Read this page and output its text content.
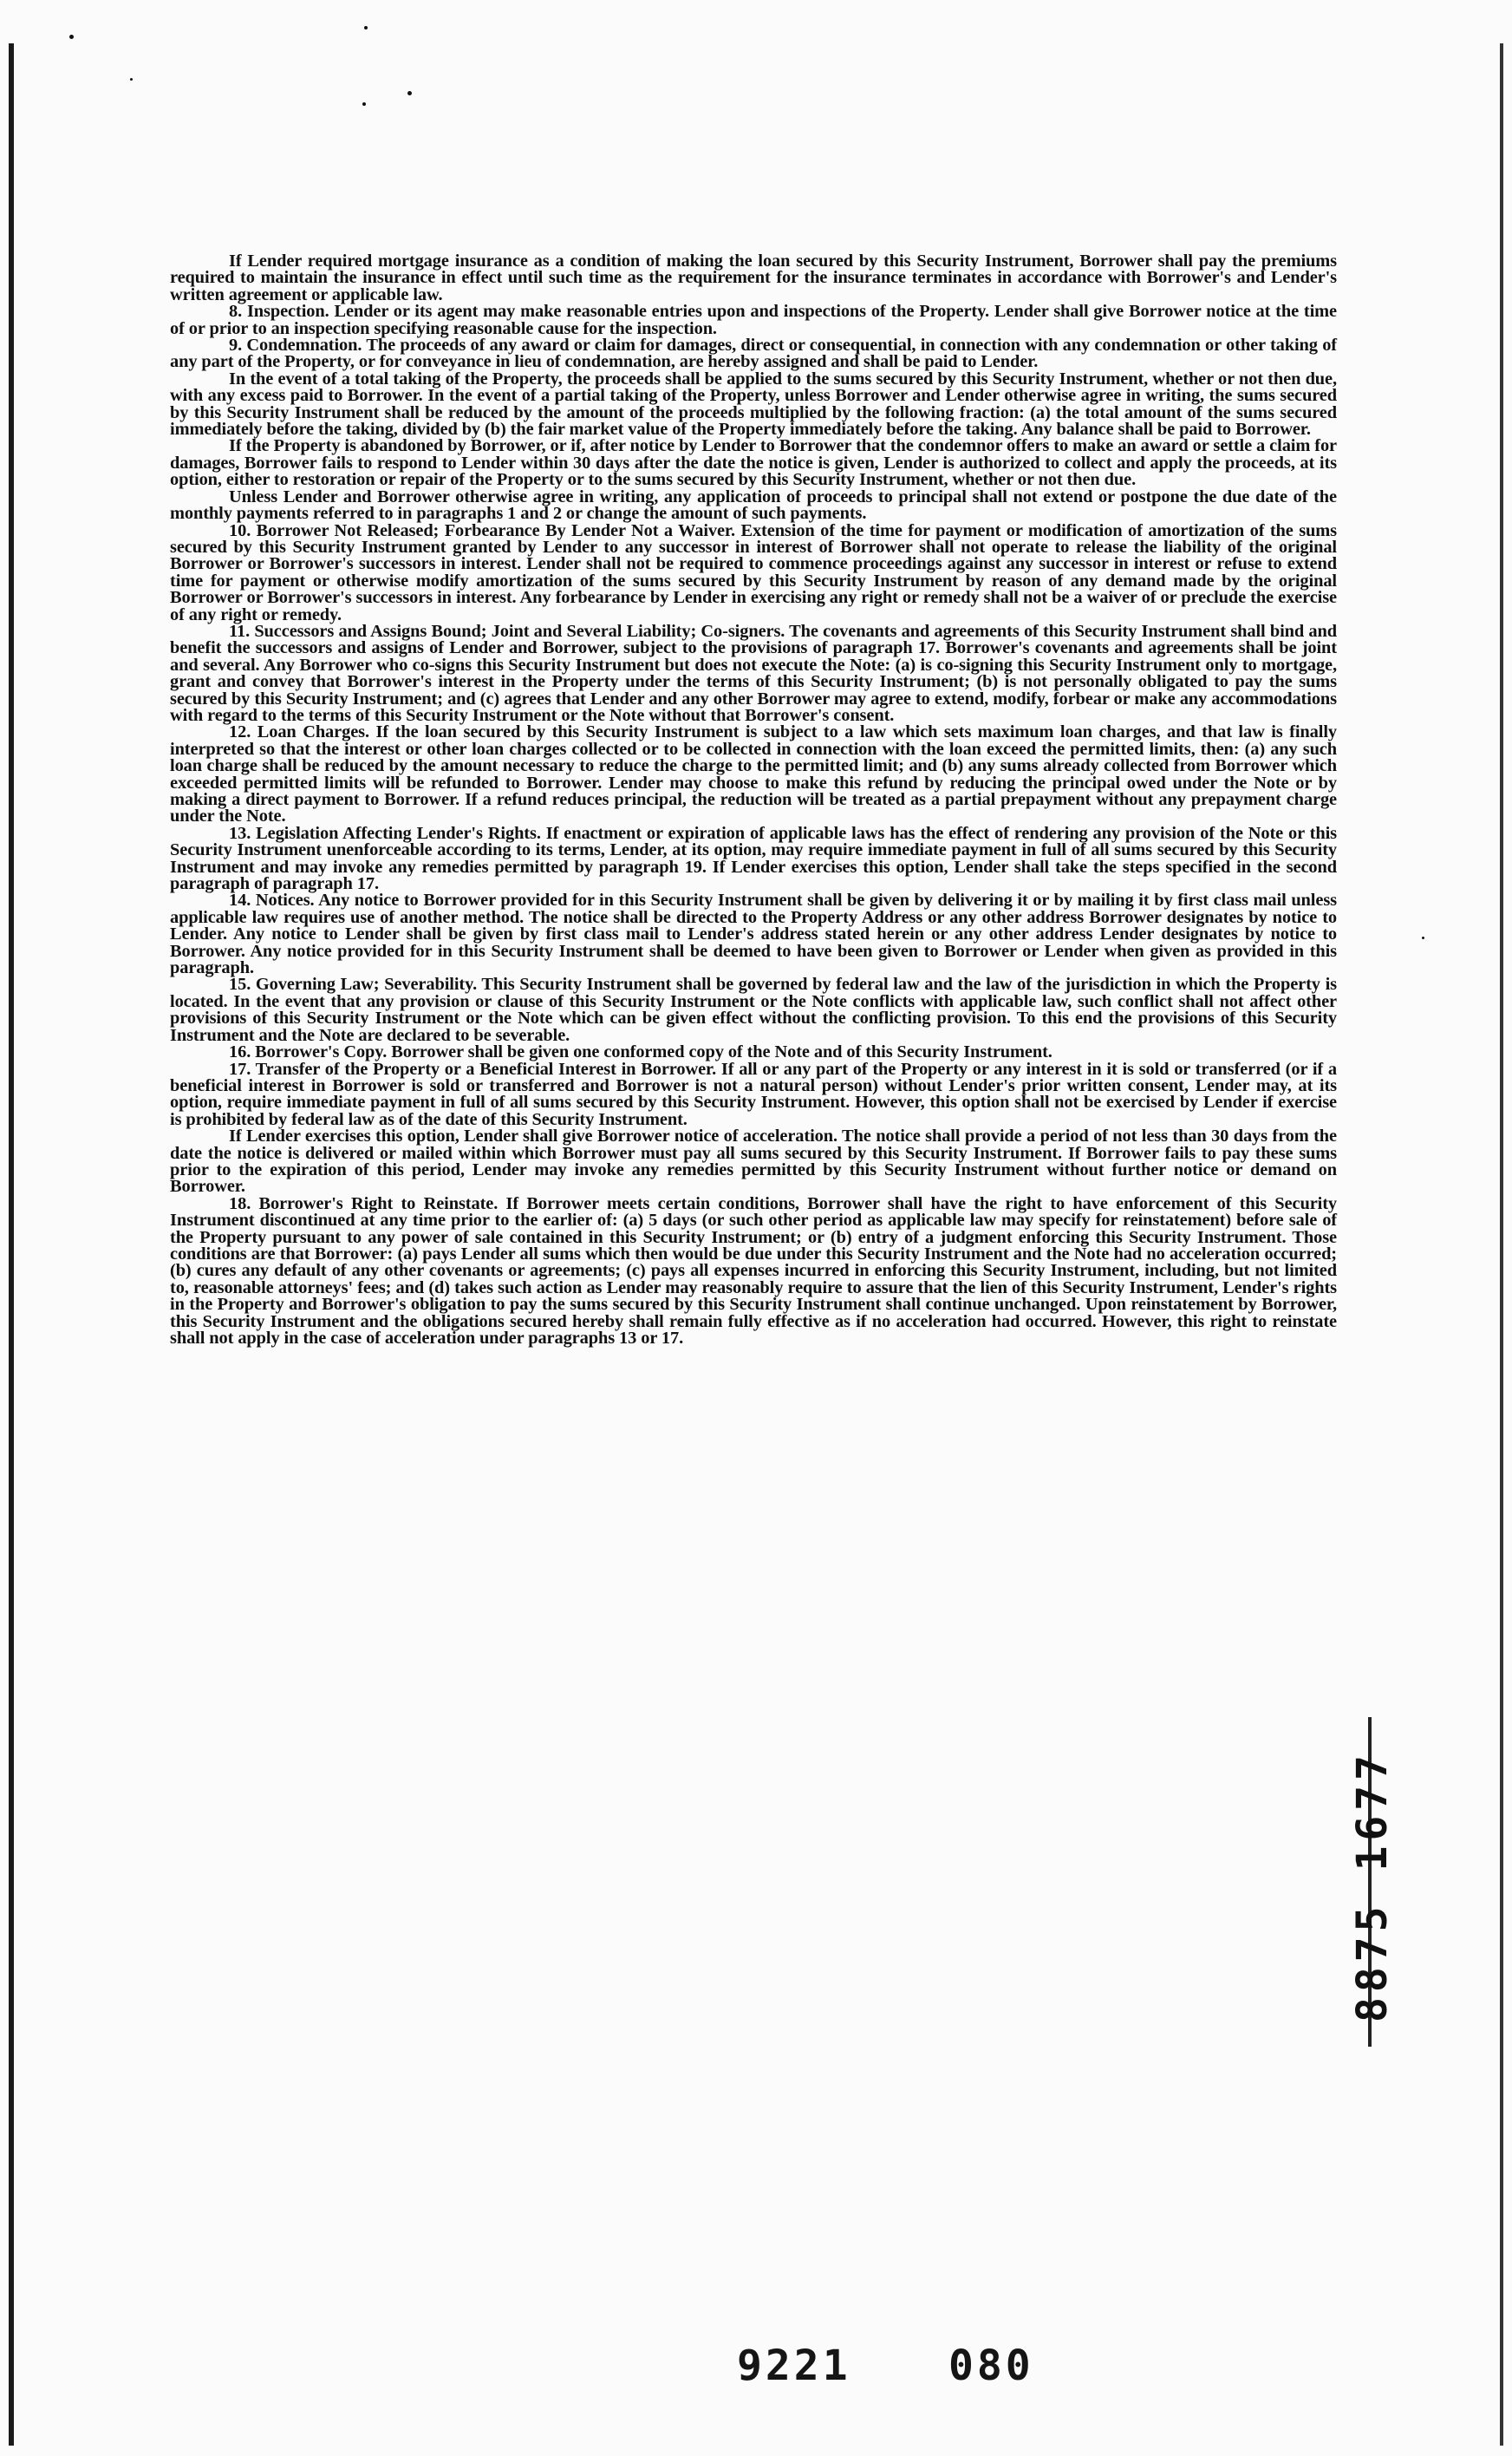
If Lender required mortgage insurance as a condition of making the loan secured by this Security Instrument, Borrower shall pay the premiums required to maintain the insurance in effect until such time as the requirement for the insurance terminates in accordance with Borrower's and Lender's written agreement or applicable law.

8. Inspection. Lender or its agent may make reasonable entries upon and inspections of the Property. Lender shall give Borrower notice at the time of or prior to an inspection specifying reasonable cause for the inspection.

9. Condemnation. The proceeds of any award or claim for damages, direct or consequential, in connection with any condemnation or other taking of any part of the Property, or for conveyance in lieu of condemnation, are hereby assigned and shall be paid to Lender.

In the event of a total taking of the Property, the proceeds shall be applied to the sums secured by this Security Instrument, whether or not then due, with any excess paid to Borrower. In the event of a partial taking of the Property, unless Borrower and Lender otherwise agree in writing, the sums secured by this Security Instrument shall be reduced by the amount of the proceeds multiplied by the following fraction: (a) the total amount of the sums secured immediately before the taking, divided by (b) the fair market value of the Property immediately before the taking. Any balance shall be paid to Borrower.

If the Property is abandoned by Borrower, or if, after notice by Lender to Borrower that the condemnor offers to make an award or settle a claim for damages, Borrower fails to respond to Lender within 30 days after the date the notice is given, Lender is authorized to collect and apply the proceeds, at its option, either to restoration or repair of the Property or to the sums secured by this Security Instrument, whether or not then due.

Unless Lender and Borrower otherwise agree in writing, any application of proceeds to principal shall not extend or postpone the due date of the monthly payments referred to in paragraphs 1 and 2 or change the amount of such payments.

10. Borrower Not Released; Forbearance By Lender Not a Waiver. Extension of the time for payment or modification of amortization of the sums secured by this Security Instrument granted by Lender to any successor in interest of Borrower shall not operate to release the liability of the original Borrower or Borrower's successors in interest. Lender shall not be required to commence proceedings against any successor in interest or refuse to extend time for payment or otherwise modify amortization of the sums secured by this Security Instrument by reason of any demand made by the original Borrower or Borrower's successors in interest. Any forbearance by Lender in exercising any right or remedy shall not be a waiver of or preclude the exercise of any right or remedy.

11. Successors and Assigns Bound; Joint and Several Liability; Co-signers. The covenants and agreements of this Security Instrument shall bind and benefit the successors and assigns of Lender and Borrower, subject to the provisions of paragraph 17. Borrower's covenants and agreements shall be joint and several. Any Borrower who co-signs this Security Instrument but does not execute the Note: (a) is co-signing this Security Instrument only to mortgage, grant and convey that Borrower's interest in the Property under the terms of this Security Instrument; (b) is not personally obligated to pay the sums secured by this Security Instrument; and (c) agrees that Lender and any other Borrower may agree to extend, modify, forbear or make any accommodations with regard to the terms of this Security Instrument or the Note without that Borrower's consent.

12. Loan Charges. If the loan secured by this Security Instrument is subject to a law which sets maximum loan charges, and that law is finally interpreted so that the interest or other loan charges collected or to be collected in connection with the loan exceed the permitted limits, then: (a) any such loan charge shall be reduced by the amount necessary to reduce the charge to the permitted limit; and (b) any sums already collected from Borrower which exceeded permitted limits will be refunded to Borrower. Lender may choose to make this refund by reducing the principal owed under the Note or by making a direct payment to Borrower. If a refund reduces principal, the reduction will be treated as a partial prepayment without any prepayment charge under the Note.

13. Legislation Affecting Lender's Rights. If enactment or expiration of applicable laws has the effect of rendering any provision of the Note or this Security Instrument unenforceable according to its terms, Lender, at its option, may require immediate payment in full of all sums secured by this Security Instrument and may invoke any remedies permitted by paragraph 19. If Lender exercises this option, Lender shall take the steps specified in the second paragraph of paragraph 17.

14. Notices. Any notice to Borrower provided for in this Security Instrument shall be given by delivering it or by mailing it by first class mail unless applicable law requires use of another method. The notice shall be directed to the Property Address or any other address Borrower designates by notice to Lender. Any notice to Lender shall be given by first class mail to Lender's address stated herein or any other address Lender designates by notice to Borrower. Any notice provided for in this Security Instrument shall be deemed to have been given to Borrower or Lender when given as provided in this paragraph.

15. Governing Law; Severability. This Security Instrument shall be governed by federal law and the law of the jurisdiction in which the Property is located. In the event that any provision or clause of this Security Instrument or the Note conflicts with applicable law, such conflict shall not affect other provisions of this Security Instrument or the Note which can be given effect without the conflicting provision. To this end the provisions of this Security Instrument and the Note are declared to be severable.

16. Borrower's Copy. Borrower shall be given one conformed copy of the Note and of this Security Instrument.

17. Transfer of the Property or a Beneficial Interest in Borrower. If all or any part of the Property or any interest in it is sold or transferred (or if a beneficial interest in Borrower is sold or transferred and Borrower is not a natural person) without Lender's prior written consent, Lender may, at its option, require immediate payment in full of all sums secured by this Security Instrument. However, this option shall not be exercised by Lender if exercise is prohibited by federal law as of the date of this Security Instrument.

If Lender exercises this option, Lender shall give Borrower notice of acceleration. The notice shall provide a period of not less than 30 days from the date the notice is delivered or mailed within which Borrower must pay all sums secured by this Security Instrument. If Borrower fails to pay these sums prior to the expiration of this period, Lender may invoke any remedies permitted by this Security Instrument without further notice or demand on Borrower.

18. Borrower's Right to Reinstate. If Borrower meets certain conditions, Borrower shall have the right to have enforcement of this Security Instrument discontinued at any time prior to the earlier of: (a) 5 days (or such other period as applicable law may specify for reinstatement) before sale of the Property pursuant to any power of sale contained in this Security Instrument; or (b) entry of a judgment enforcing this Security Instrument. Those conditions are that Borrower: (a) pays Lender all sums which then would be due under this Security Instrument and the Note had no acceleration occurred; (b) cures any default of any other covenants or agreements; (c) pays all expenses incurred in enforcing this Security Instrument, including, but not limited to, reasonable attorneys' fees; and (d) takes such action as Lender may reasonably require to assure that the lien of this Security Instrument, Lender's rights in the Property and Borrower's obligation to pay the sums secured by this Security Instrument shall continue unchanged. Upon reinstatement by Borrower, this Security Instrument and the obligations secured hereby shall remain fully effective as if no acceleration had occurred. However, this right to reinstate shall not apply in the case of acceleration under paragraphs 13 or 17.

8875 1677
9221 080
